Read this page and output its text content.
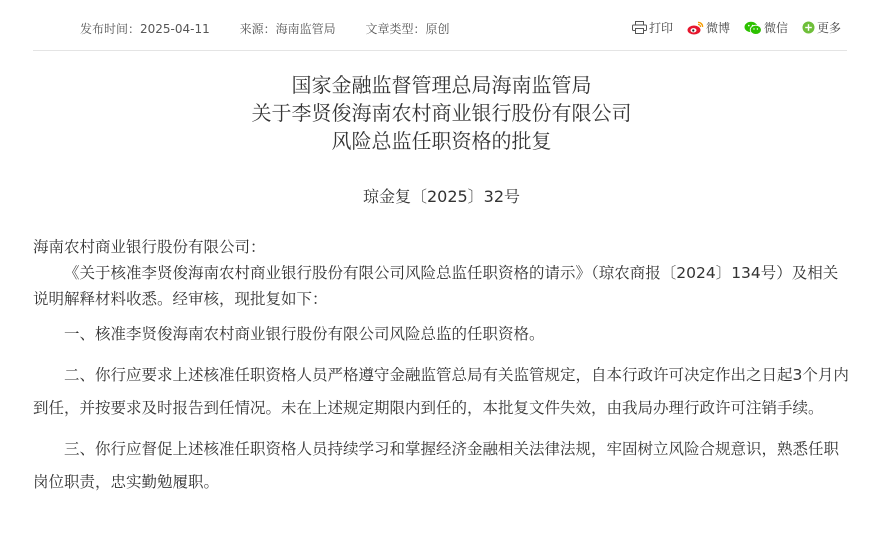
发布时间：2025-04-11 来源：海南监管局 文章类型：原创	打印	微博	微信 更多
国家金融监督管理总局海南监管局
关于李贤俊海南农村商业银行股份有限公司
风险总监任职资格的批复
琼金复〔2025〕32号

海南农村商业银行股份有限公司：

《关于核准李贤俊海南农村商业银行股份有限公司风险总监任职资格的请示》（琼农商报〔2024〕134号）及相关说明解释材料收悉。经审核，现批复如下：

一、核准李贤俊海南农村商业银行股份有限公司风险总监的任职资格。

二、你行应要求上述核准任职资格人员严格遵守金融监管总局有关监管规定，自本行政许可决定作出之日起3个月内到任，并按要求及时报告到任情况。未在上述规定期限内到任的，本批复文件失效，由我局办理行政许可注销手续。

三、你行应督促上述核准任职资格人员持续学习和掌握经济金融相关法律法规，牢固树立风险合规意识，熟悉任职岗位职责，忠实勤勉履职。
